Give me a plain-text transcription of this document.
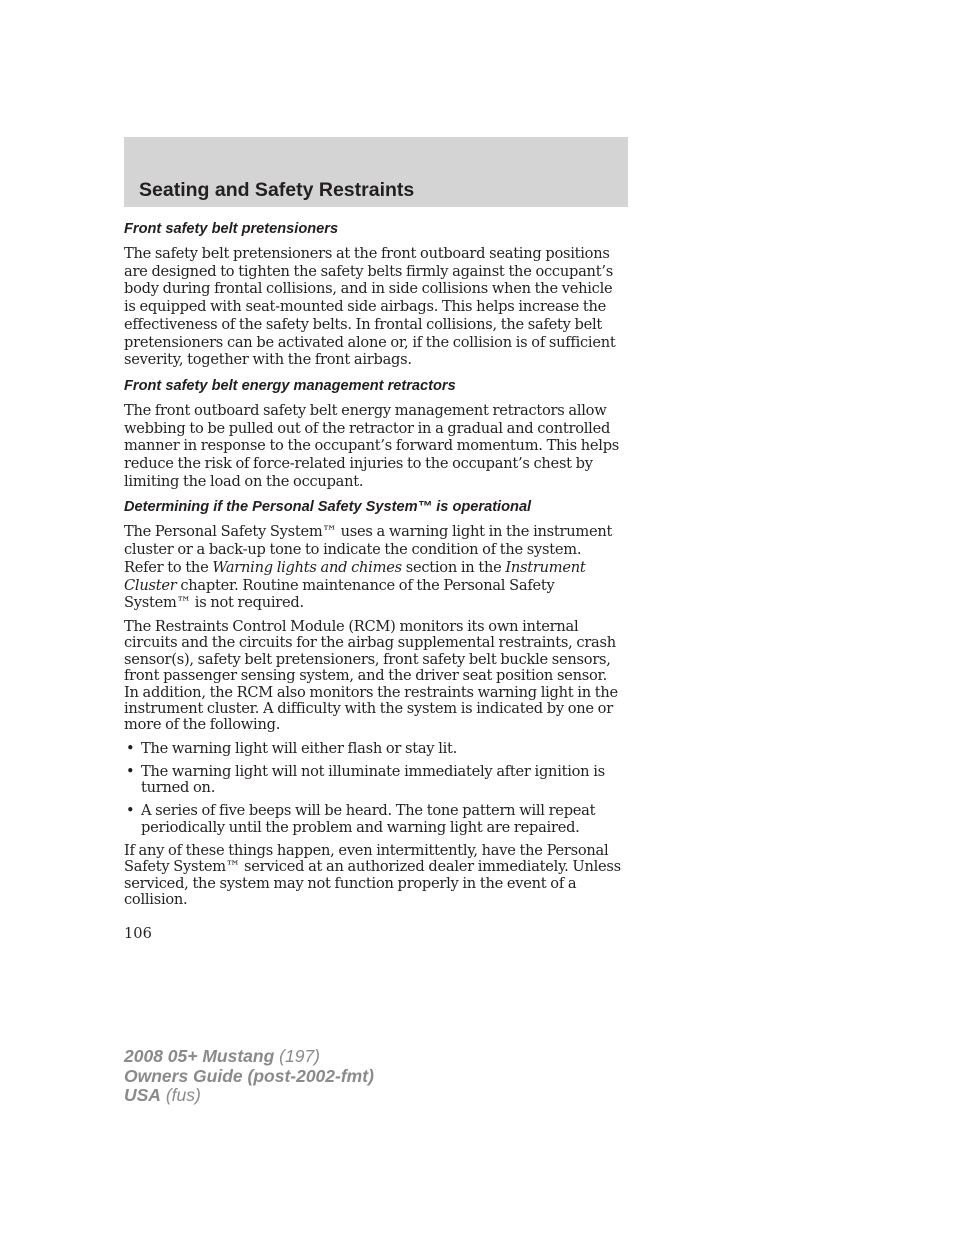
Seating and Safety Restraints
Front safety belt pretensioners

The safety belt pretensioners at the front outboard seating positions are designed to tighten the safety belts firmly against the occupant’s body during frontal collisions, and in side collisions when the vehicle is equipped with seat-mounted side airbags. This helps increase the effectiveness of the safety belts. In frontal collisions, the safety belt pretensioners can be activated alone or, if the collision is of sufficient severity, together with the front airbags.

Front safety belt energy management retractors

The front outboard safety belt energy management retractors allow webbing to be pulled out of the retractor in a gradual and controlled manner in response to the occupant’s forward momentum. This helps reduce the risk of force-related injuries to the occupant’s chest by limiting the load on the occupant.

Determining if the Personal Safety System™ is operational

The Personal Safety System™ uses a warning light in the instrument cluster or a back-up tone to indicate the condition of the system. Refer to the Warning lights and chimes section in the Instrument Cluster chapter. Routine maintenance of the Personal Safety System™ is not required.

The Restraints Control Module (RCM) monitors its own internal circuits and the circuits for the airbag supplemental restraints, crash sensor(s), safety belt pretensioners, front safety belt buckle sensors, front passenger sensing system, and the driver seat position sensor. In addition, the RCM also monitors the restraints warning light in the instrument cluster. A difficulty with the system is indicated by one or more of the following.

• The warning light will either flash or stay lit.
• The warning light will not illuminate immediately after ignition is turned on.
• A series of five beeps will be heard. The tone pattern will repeat periodically until the problem and warning light are repaired.

If any of these things happen, even intermittently, have the Personal Safety System™ serviced at an authorized dealer immediately. Unless serviced, the system may not function properly in the event of a collision.

106
2008 05+ Mustang (197)
Owners Guide (post-2002-fmt)
USA (fus)
